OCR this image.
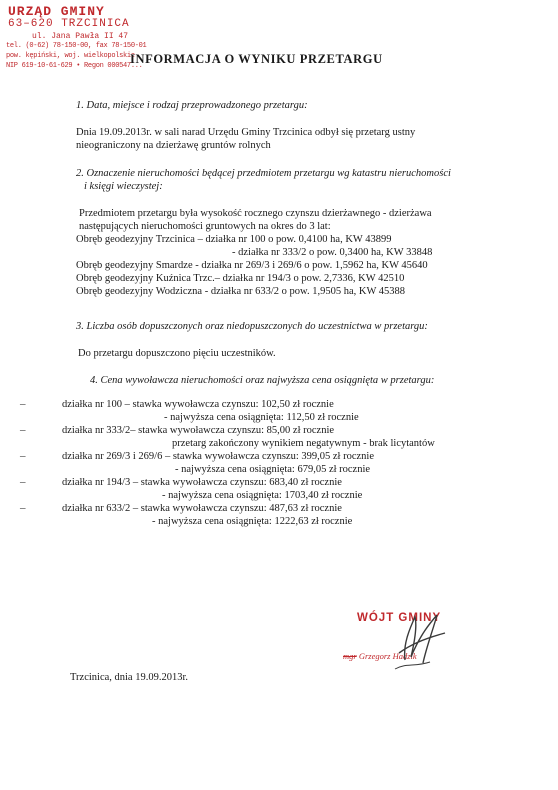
URZĄD GMINY
63–620 TRZCINICA
ul. Jana Pawła II 47
tel. (0-62) 78-150-00, fax 78-150-01
pow. kępiński, woj. wielkopolskie
NIP 619-10-61-629 • Regon 000547...
INFORMACJA O WYNIKU PRZETARGU
1. Data, miejsce i rodzaj przeprowadzonego przetargu:
Dnia 19.09.2013r. w sali narad Urzędu Gminy Trzcinica odbył się przetarg ustny
nieograniczony na dzierżawę gruntów rolnych
2. Oznaczenie nieruchomości będącej przedmiotem przetargu wg katastru nieruchomości
i księgi wieczystej:
Przedmiotem przetargu była wysokość rocznego czynszu dzierżawnego - dzierżawa
następujących nieruchomości gruntowych na okres do 3 lat:
Obręb geodezyjny Trzcinica – działka nr 100 o pow. 0,4100 ha, KW 43899
- działka nr 333/2 o pow. 0,3400 ha, KW 33848
Obręb geodezyjny Smardze - działka nr 269/3 i 269/6 o pow. 1,5962 ha, KW 45640
Obręb geodezyjny Kuźnica Trzc.– działka nr 194/3 o pow. 2,7336, KW 42510
Obręb geodezyjny Wodziczna - działka nr 633/2 o pow. 1,9505 ha, KW 45388
3. Liczba osób dopuszczonych oraz niedopuszczonych do uczestnictwa w przetargu:
Do przetargu dopuszczono pięciu uczestników.
4. Cena wywoławcza nieruchomości oraz najwyższa cena osiągnięta w przetargu:
–	działka nr 100 – stawka wywoławcza czynszu: 102,50 zł rocznie
- najwyższa cena osiągnięta: 112,50 zł rocznie
–	działka nr 333/2– stawka wywoławcza czynszu: 85,00 zł rocznie
przetarg zakończony wynikiem negatywnym - brak licytantów
–	działka nr 269/3 i 269/6 – stawka wywoławcza czynszu: 399,05 zł rocznie
- najwyższa cena osiągnięta: 679,05 zł rocznie
–	działka nr 194/3 – stawka wywoławcza czynszu: 683,40 zł rocznie
- najwyższa cena osiągnięta: 1703,40 zł rocznie
–	działka nr 633/2 – stawka wywoławcza czynszu: 487,63 zł rocznie
- najwyższa cena osiągnięta: 1222,63 zł rocznie
WÓJT GMINY
mgr Grzegorz Hadzik
Trzcinica, dnia 19.09.2013r.
